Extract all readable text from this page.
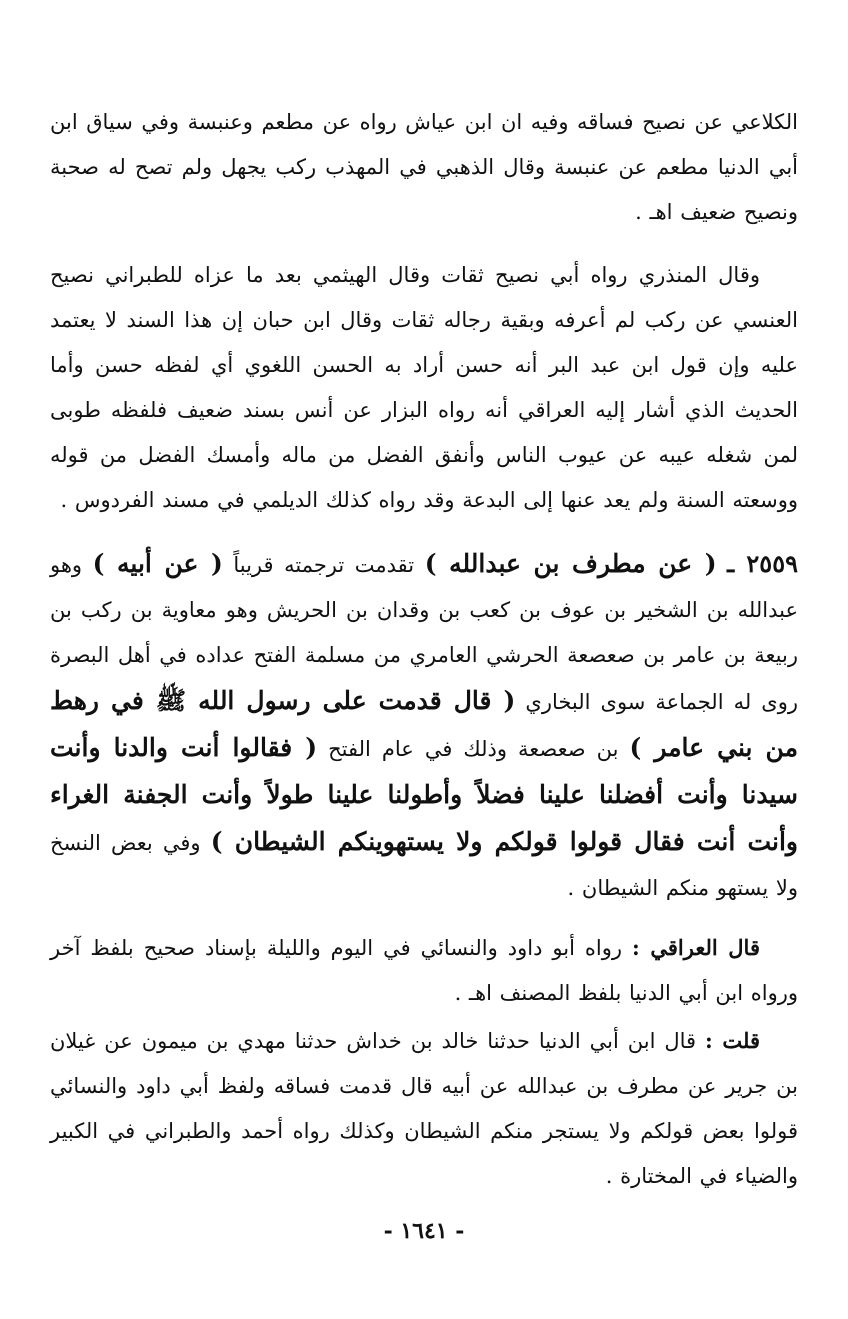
الكلاعي عن نصيح فساقه وفيه ان ابن عياش رواه عن مطعم وعنبسة وفي سياق ابن أبي الدنيا مطعم عن عنبسة وقال الذهبي في المهذب ركب يجهل ولم تصح له صحبة ونصيح ضعيف اهـ .

وقال المنذري رواه أبي نصيح ثقات وقال الهيثمي بعد ما عزاه للطبراني نصيح العنسي عن ركب لم أعرفه وبقية رجاله ثقات وقال ابن حبان إن هذا السند لا يعتمد عليه وإن قول ابن عبد البر أنه حسن أراد به الحسن اللغوي أي لفظه حسن وأما الحديث الذي أشار إليه العراقي أنه رواه البزار عن أنس بسند ضعيف فلفظه طوبى لمن شغله عيبه عن عيوب الناس وأنفق الفضل من ماله وأمسك الفضل من قوله ووسعته السنة ولم يعد عنها إلى البدعة وقد رواه كذلك الديلمي في مسند الفردوس .

٢٥٥٩ ـ ( عن مطرف بن عبدالله ) تقدمت ترجمته قريباً ( عن أبيه ) وهو عبدالله بن الشخير بن عوف بن كعب بن وقدان بن الحريش وهو معاوية بن ركب بن ربيعة بن عامر بن صعصعة الحرشي العامري من مسلمة الفتح عداده في أهل البصرة روى له الجماعة سوى البخاري ( قال قدمت على رسول الله ﷺ في رهط من بني عامر ) بن صعصعة وذلك في عام الفتح ( فقالوا أنت والدنا وأنت سيدنا وأنت أفضلنا علينا فضلاً وأطولنا علينا طولاً وأنت الجفنة الغراء وأنت أنت فقال قولوا قولكم ولا يستهوينكم الشيطان ) وفي بعض النسخ ولا يستهو منكم الشيطان .

قال العراقي : رواه أبو داود والنسائي في اليوم والليلة بإسناد صحيح بلفظ آخر ورواه ابن أبي الدنيا بلفظ المصنف اهـ .

قلت : قال ابن أبي الدنيا حدثنا خالد بن خداش حدثنا مهدي بن ميمون عن غيلان بن جرير عن مطرف بن عبدالله عن أبيه قال قدمت فساقه ولفظ أبي داود والنسائي قولوا بعض قولكم ولا يستجر منكم الشيطان وكذلك رواه أحمد والطبراني في الكبير والضياء في المختارة .

- ١٦٤١ -
